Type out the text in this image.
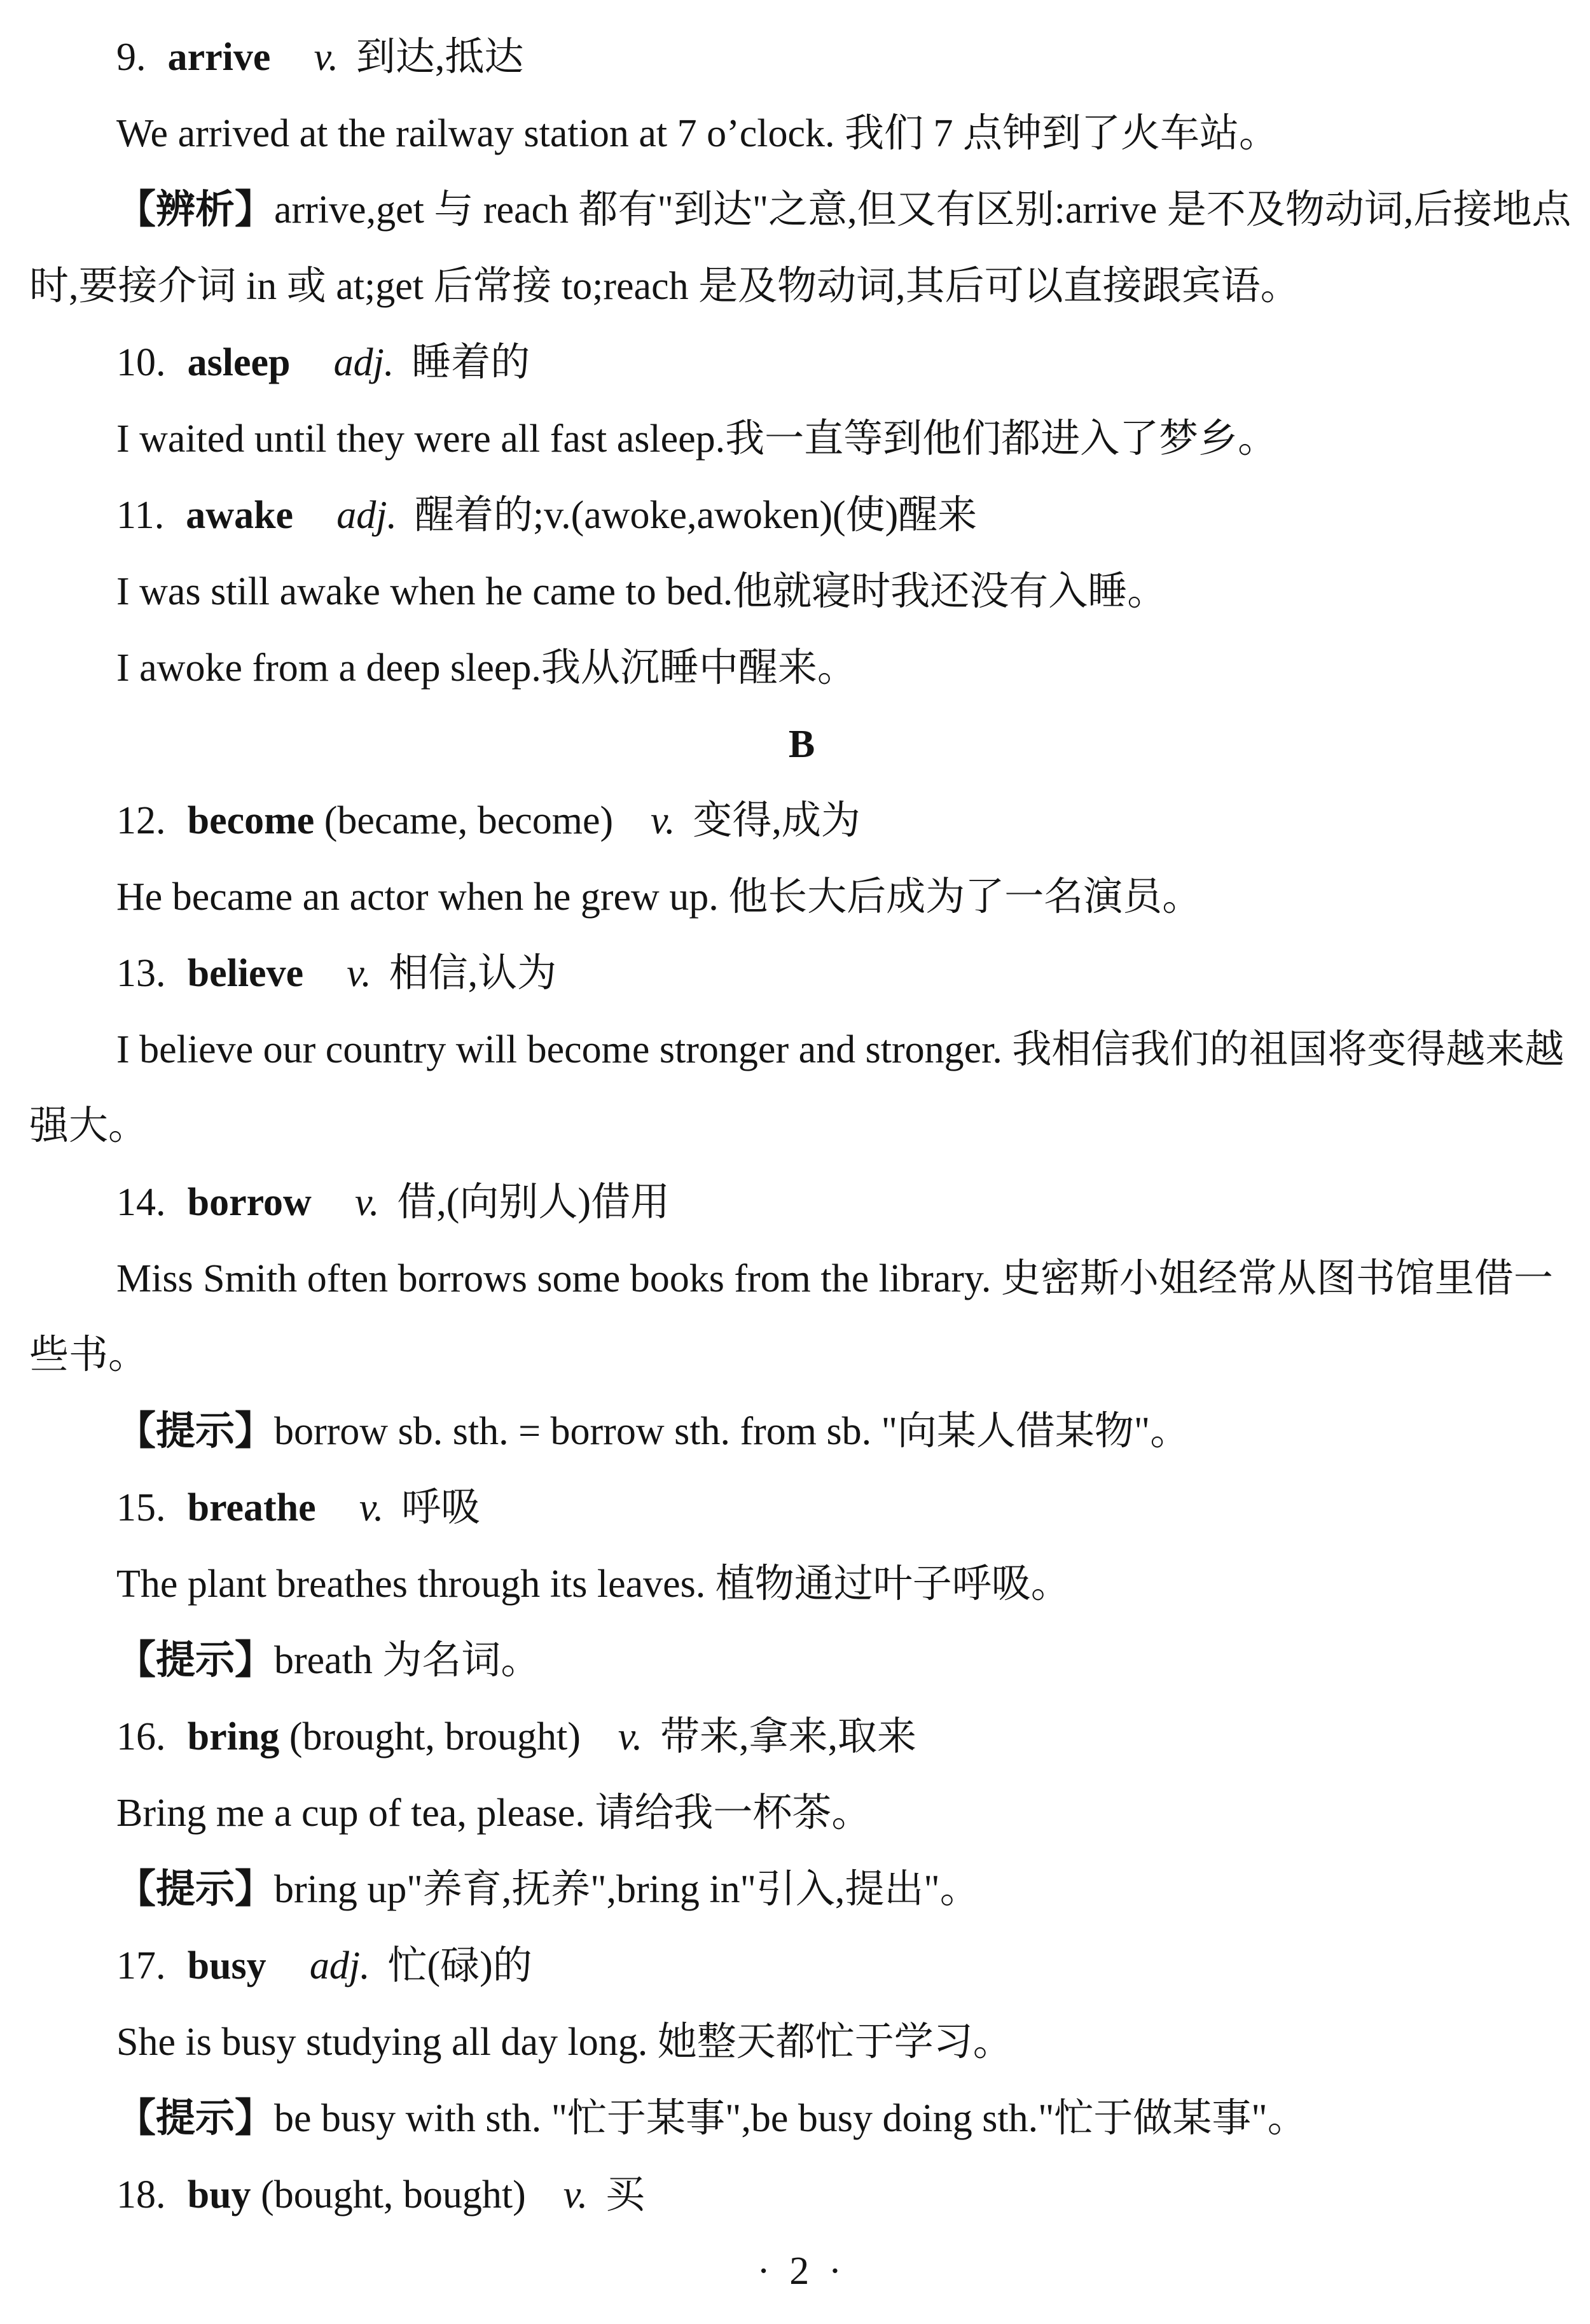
9. arrive v. 到达,抵达

We arrived at the railway station at 7 o’clock. 我们 7 点钟到了火车站。

【辨析】arrive,get 与 reach 都有"到达"之意,但又有区别:arrive 是不及物动词,后接地点时,要接介词 in 或 at;get 后常接 to;reach 是及物动词,其后可以直接跟宾语。

10. asleep adj. 睡着的

I waited until they were all fast asleep.我一直等到他们都进入了梦乡。

11. awake adj. 醒着的;v.(awoke,awoken)(使)醒来

I was still awake when he came to bed.他就寝时我还没有入睡。

I awoke from a deep sleep.我从沉睡中醒来。

B

12. become (became, become) v. 变得,成为

He became an actor when he grew up. 他长大后成为了一名演员。

13. believe v. 相信,认为

I believe our country will become stronger and stronger. 我相信我们的祖国将变得越来越强大。

14. borrow v. 借,(向别人)借用

Miss Smith often borrows some books from the library. 史密斯小姐经常从图书馆里借一些书。

【提示】borrow sb. sth. = borrow sth. from sb. "向某人借某物"。

15. breathe v. 呼吸

The plant breathes through its leaves. 植物通过叶子呼吸。

【提示】breath 为名词。

16. bring (brought, brought) v. 带来,拿来,取来

Bring me a cup of tea, please. 请给我一杯茶。

【提示】bring up"养育,抚养",bring in"引入,提出"。

17. busy adj. 忙(碌)的

She is busy studying all day long. 她整天都忙于学习。

【提示】be busy with sth. "忙于某事",be busy doing sth."忙于做某事"。

18. buy (bought, bought) v. 买

· 2 ·
